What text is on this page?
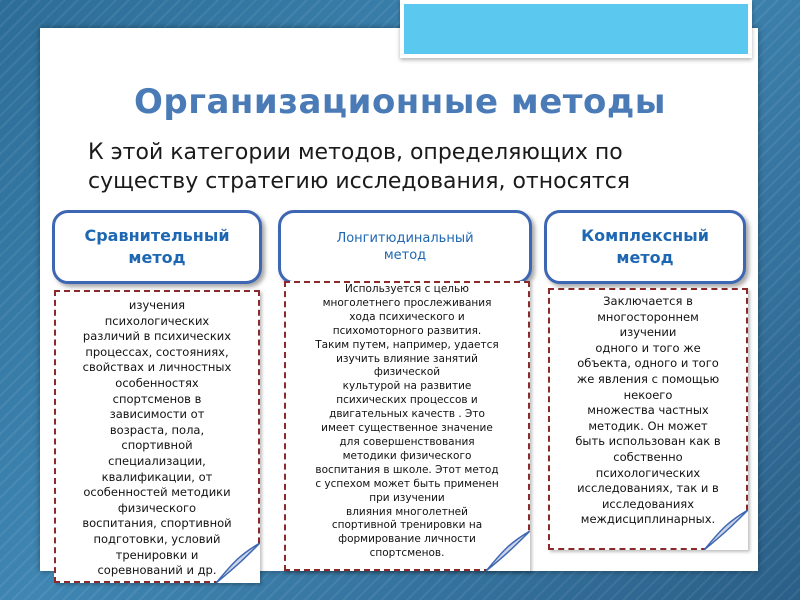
Организационные методы
К этой категории методов, определяющих по существу стратегию исследования, относятся
Сравнительный
метод
изучения
психологических
различий в психических
процессах, состояниях,
свойствах и личностных
особенностях
спортсменов в
зависимости от
возраста, пола,
спортивной
специализации,
квалификации, от
особенностей методики
физического
воспитания, спортивной
подготовки, условий
тренировки и
соревнований и др.
Лонгитюдинальный
метод
Используется с целью
многолетнего прослеживания
хода психического и
психомоторного развития.
Таким путем, например, удается
изучить влияние занятий
физической
культурой на развитие
психических процессов и
двигательных качеств . Это
имеет существенное значение
для совершенствования
методики физического
воспитания в школе. Этот метод
с успехом может быть применен
при изучении
влияния многолетней
спортивной тренировки на
формирование личности
спортсменов.
Комплексный
метод
Заключается в
многостороннем
изучении
одного и того же
объекта, одного и того
же явления с помощью
некоего
множества частных
методик. Он может
быть использован как в
собственно
психологических
исследованиях, так и в
исследованиях
междисциплинарных.
